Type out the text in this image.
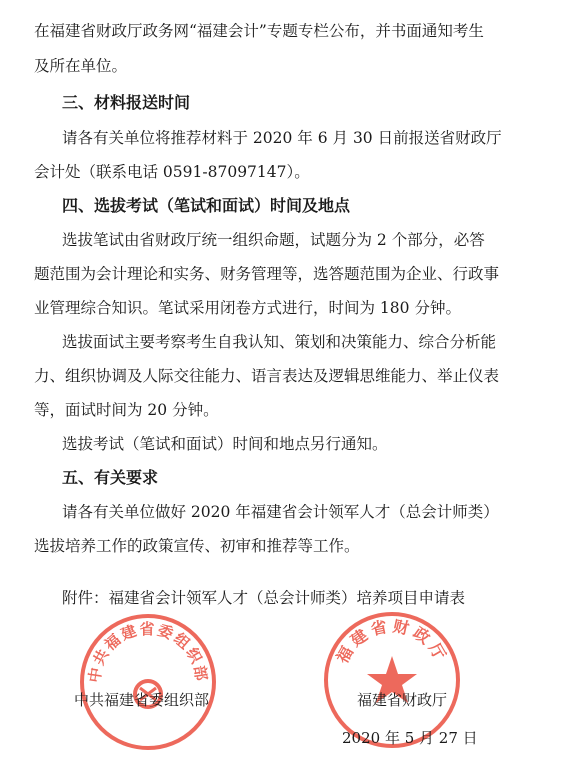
在福建省财政厅政务网“福建会计”专题专栏公布，并书面通知考生

及所在单位。

三、材料报送时间

请各有关单位将推荐材料于 2020 年 6 月 30 日前报送省财政厅

会计处（联系电话 0591-87097147）。

四、选拔考试（笔试和面试）时间及地点

选拔笔试由省财政厅统一组织命题，试题分为 2 个部分，必答

题范围为会计理论和实务、财务管理等，选答题范围为企业、行政事

业管理综合知识。笔试采用闭卷方式进行，时间为 180 分钟。

选拔面试主要考察考生自我认知、策划和决策能力、综合分析能

力、组织协调及人际交往能力、语言表达及逻辑思维能力、举止仪表

等，面试时间为 20 分钟。

选拔考试（笔试和面试）时间和地点另行通知。

五、有关要求

请各有关单位做好 2020 年福建省会计领军人才（总会计师类）

选拔培养工作的政策宣传、初审和推荐等工作。

附件：福建省会计领军人才（总会计师类）培养项目申请表

中共福建省委组织部
福建省财政厅
中共福建省委组织部	福建省财政厅
2020 年 5 月 27 日
